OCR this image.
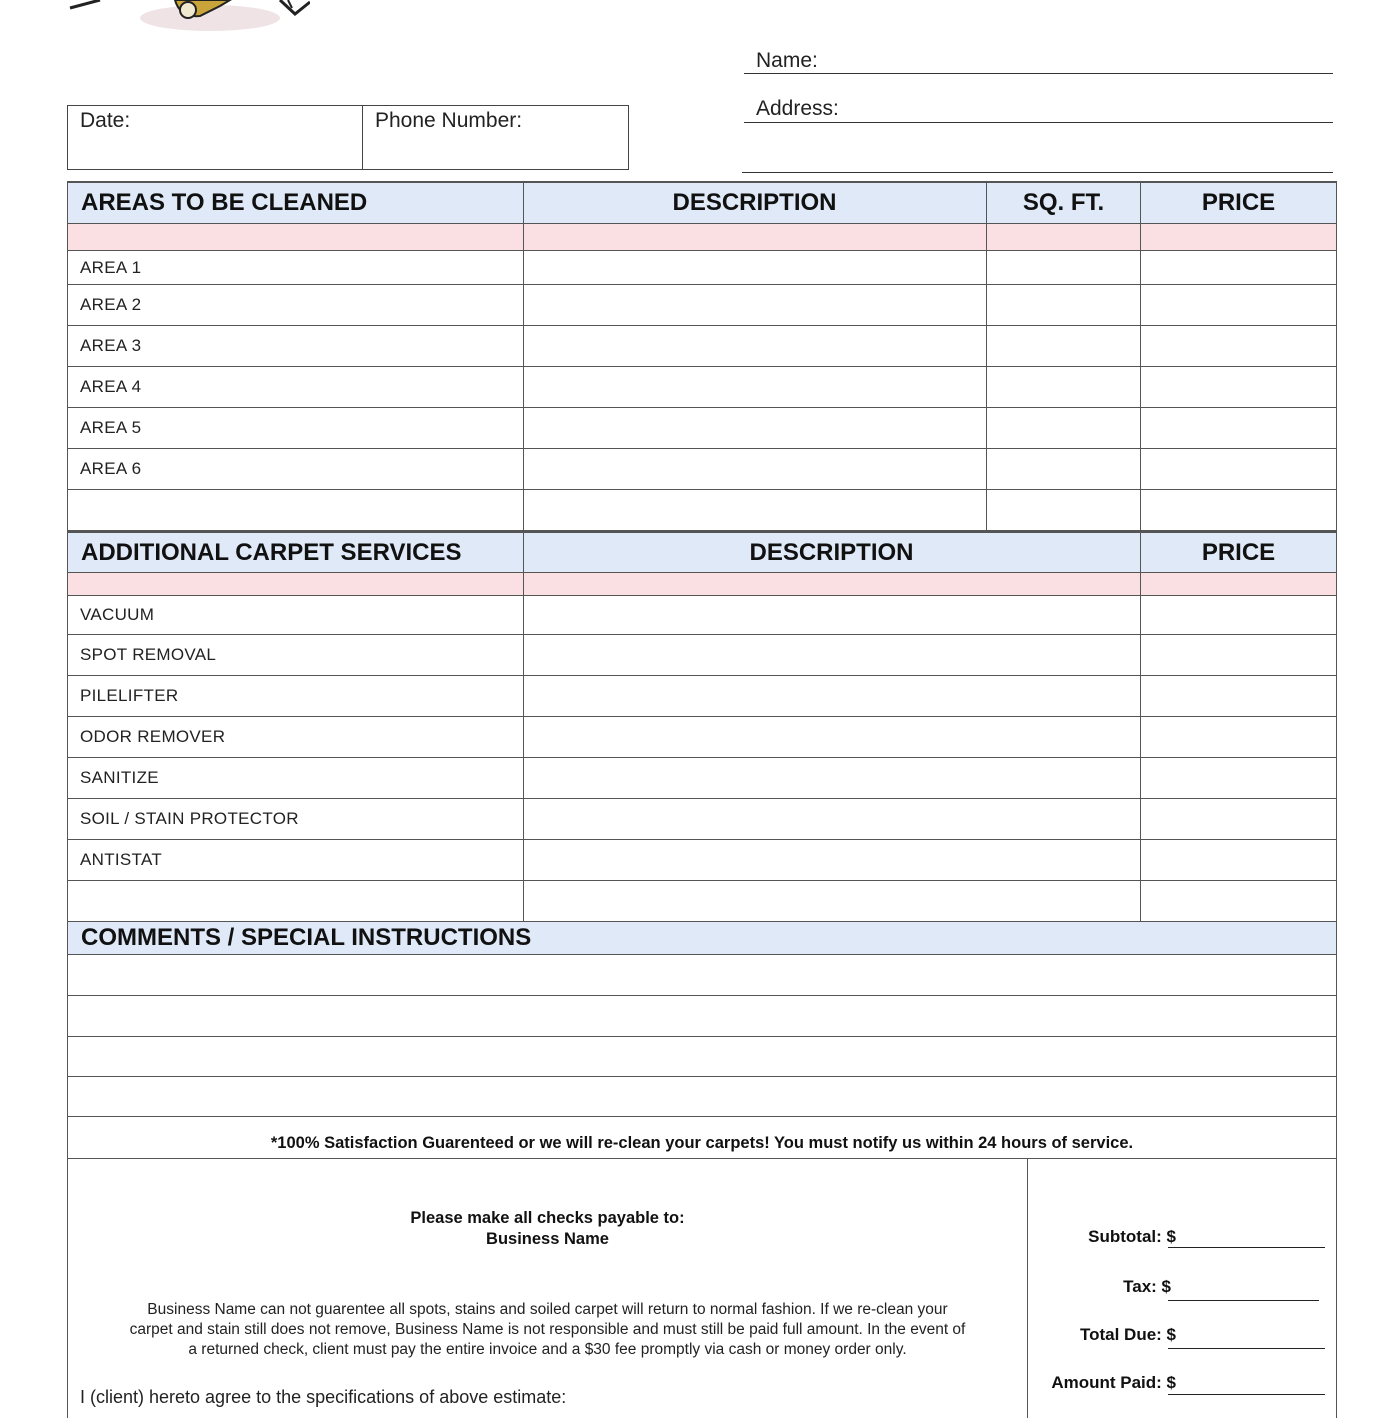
Name:
Address:
Date:	Phone Number:
AREAS TO BE CLEANED	DESCRIPTION	SQ. FT.	PRICE
AREA 1
AREA 2
AREA 3
AREA 4
AREA 5
AREA 6
ADDITIONAL CARPET SERVICES	DESCRIPTION	PRICE
VACUUM
SPOT REMOVAL
PILELIFTER
ODOR REMOVER
SANITIZE
SOIL / STAIN PROTECTOR
ANTISTAT
COMMENTS / SPECIAL INSTRUCTIONS
*100% Satisfaction Guarenteed or we will re-clean your carpets! You must notify us within 24 hours of service.
Please make all checks payable to:
Business Name
Business Name can not guarentee all spots, stains and soiled carpet will return to normal fashion. If we re-clean your
carpet and stain still does not remove, Business Name is not responsible and must still be paid full amount. In the event of
a returned check, client must pay the entire invoice and a $30 fee promptly via cash or money order only.
I (client) hereto agree to the specifications of above estimate:
Subtotal: $
Tax: $
Total Due: $
Amount Paid: $
